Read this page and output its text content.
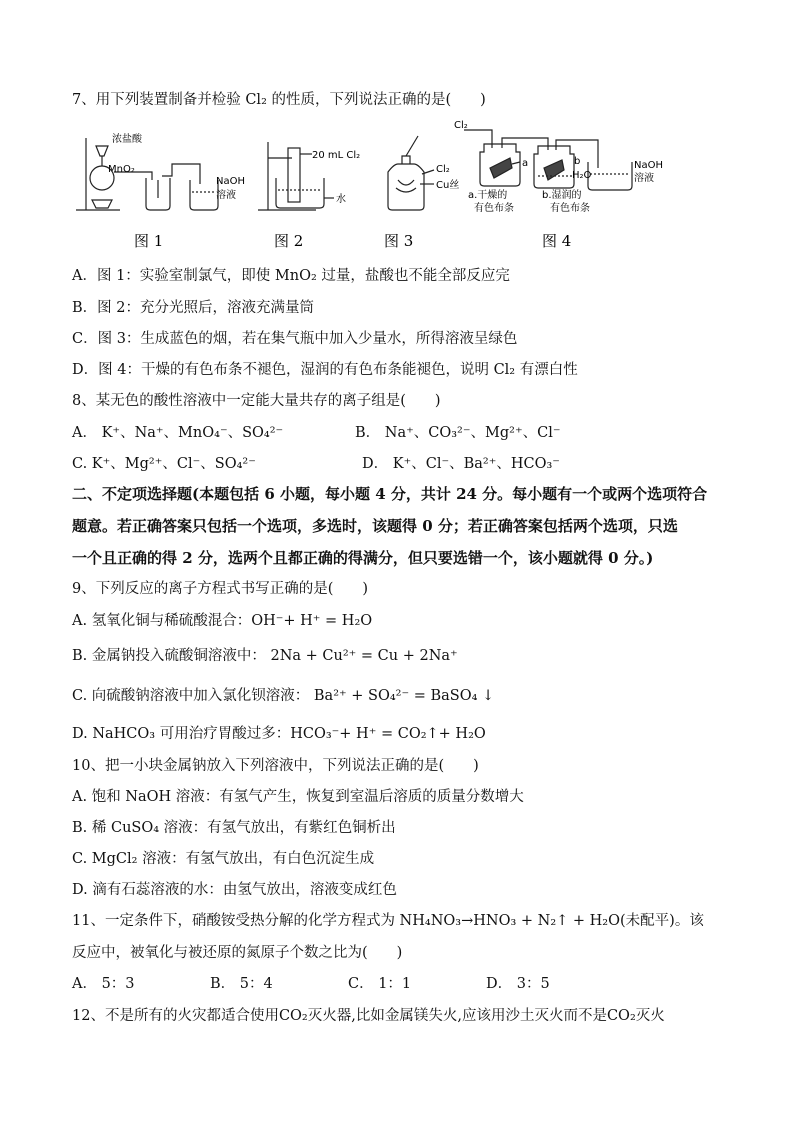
7、用下列装置制备并检验 Cl₂ 的性质，下列说法正确的是(　　)
浓盐酸
MnO₂
NaOH
溶液
20 mL Cl₂
水
Cl₂
Cu丝
Cl₂
a	b
H₂O
NaOH
溶液
a.干燥的
有色布条
b.湿润的
有色布条
图 1	图 2	图 3	图 4
A．图 1：实验室制氯气，即使 MnO₂ 过量，盐酸也不能全部反应完
B．图 2：充分光照后，溶液充满量筒
C．图 3：生成蓝色的烟，若在集气瓶中加入少量水，所得溶液呈绿色
D．图 4：干燥的有色布条不褪色，湿润的有色布条能褪色，说明 Cl₂ 有漂白性
8、某无色的酸性溶液中一定能大量共存的离子组是(　　)
A． K⁺、Na⁺、MnO₄⁻、SO₄²⁻	B． Na⁺、CO₃²⁻、Mg²⁺、Cl⁻
C. K⁺、Mg²⁺、Cl⁻、SO₄²⁻	D． K⁺、Cl⁻、Ba²⁺、HCO₃⁻
二、不定项选择题(本题包括 6 小题，每小题 4 分，共计 24 分。每小题有一个或两个选项符合
题意。若正确答案只包括一个选项，多选时，该题得 0 分；若正确答案包括两个选项，只选
一个且正确的得 2 分，选两个且都正确的得满分，但只要选错一个，该小题就得 0 分。)
9、下列反应的离子方程式书写正确的是(　　)
A. 氢氧化铜与稀硫酸混合：OH⁻+ H⁺ = H₂O
B. 金属钠投入硫酸铜溶液中： 2Na + Cu²⁺ = Cu + 2Na⁺
C. 向硫酸钠溶液中加入氯化钡溶液： Ba²⁺ + SO₄²⁻ = BaSO₄ ↓
D. NaHCO₃ 可用治疗胃酸过多：HCO₃⁻+ H⁺ = CO₂↑+ H₂O
10、把一小块金属钠放入下列溶液中，下列说法正确的是(　　)
A. 饱和 NaOH 溶液：有氢气产生，恢复到室温后溶质的质量分数增大
B. 稀 CuSO₄ 溶液：有氢气放出，有紫红色铜析出
C. MgCl₂ 溶液：有氢气放出，有白色沉淀生成
D. 滴有石蕊溶液的水：由氢气放出，溶液变成红色
11、一定条件下，硝酸铵受热分解的化学方程式为 NH₄NO₃→HNO₃ + N₂↑ + H₂O(未配平)。该
反应中，被氧化与被还原的氮原子个数之比为(　　)
A． 5：3	B． 5：4	C． 1：1	D． 3：5
12、不是所有的火灾都适合使用CO₂灭火器,比如金属镁失火,应该用沙土灭火而不是CO₂灭火
